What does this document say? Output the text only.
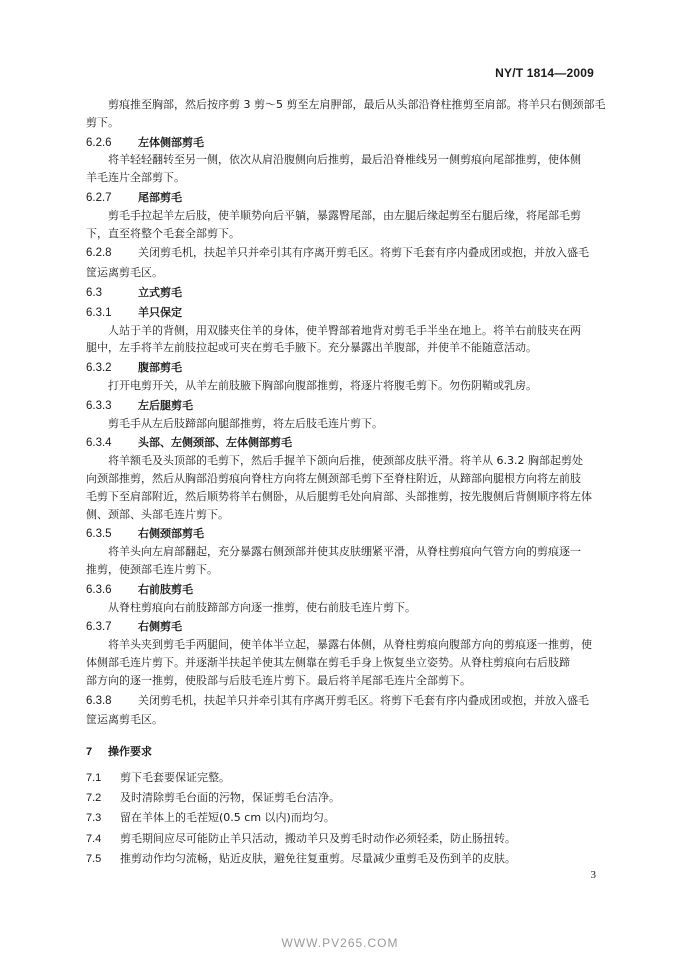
NY/T 1814—2009
剪痕推至胸部，然后按序剪 3 剪～5 剪至左肩胛部，最后从头部沿脊柱推剪至肩部。将羊只右侧颈部毛
剪下。
6.2.6 左体侧部剪毛
将羊轻轻翻转至另一侧，依次从肩沿腹侧向后推剪，最后沿脊椎线另一侧剪痕向尾部推剪，使体侧
羊毛连片全部剪下。
6.2.7 尾部剪毛
剪毛手拉起羊左后肢，使羊顺势向后平躺，暴露臀尾部，由左腿后缘起剪至右腿后缘，将尾部毛剪
下，直至将整个毛套全部剪下。
6.2.8 关闭剪毛机，扶起羊只并牵引其有序离开剪毛区。将剪下毛套有序内叠成团或抱，并放入盛毛
筐运离剪毛区。
6.3	立式剪毛
6.3.1 羊只保定
人站于羊的背侧，用双膝夹住羊的身体，使羊臀部着地背对剪毛手半坐在地上。将羊右前肢夹在两
腿中，左手将羊左前肢拉起或可夹在剪毛手腋下。充分暴露出羊腹部，并使羊不能随意活动。
6.3.2 腹部剪毛
打开电剪开关，从羊左前肢腋下胸部向腹部推剪，将逐片将腹毛剪下。勿伤阴鞘或乳房。
6.3.3 左后腿剪毛
剪毛手从左后肢蹄部向腿部推剪，将左后肢毛连片剪下。
6.3.4 头部、左侧颈部、左体侧部剪毛
将羊额毛及头顶部的毛剪下，然后手握羊下颌向后推，使颈部皮肤平滑。将羊从 6.3.2 胸部起剪处
向颈部推剪，然后从胸部沿剪痕向脊柱方向将左侧颈部毛剪下至脊柱附近，从蹄部向腿根方向将左前肢
毛剪下至肩部附近，然后顺势将羊右侧卧，从后腿剪毛处向肩部、头部推剪，按先腹侧后背侧顺序将左体
侧、颈部、头部毛连片剪下。
6.3.5 右侧颈部剪毛
将羊头向左肩部翻起，充分暴露右侧颈部并使其皮肤绷紧平滑，从脊柱剪痕向气管方向的剪痕逐一
推剪，使颈部毛连片剪下。
6.3.6 右前肢剪毛
从脊柱剪痕向右前肢蹄部方向逐一推剪，使右前肢毛连片剪下。
6.3.7 右侧剪毛
将羊头夹到剪毛手两腿间，使羊体半立起，暴露右体侧，从脊柱剪痕向腹部方向的剪痕逐一推剪，使
体侧部毛连片剪下。并逐渐半扶起羊使其左侧靠在剪毛手身上恢复坐立姿势。从脊柱剪痕向右后肢蹄
部方向的逐一推剪，使股部与后肢毛连片剪下。最后将羊尾部毛连片全部剪下。
6.3.8 关闭剪毛机，扶起羊只并牵引其有序离开剪毛区。将剪下毛套有序内叠成团或抱，并放入盛毛
筐运离剪毛区。
7 操作要求
7.1 剪下毛套要保证完整。
7.2 及时清除剪毛台面的污物，保证剪毛台洁净。
7.3 留在羊体上的毛茬短(0.5 cm 以内)而均匀。
7.4 剪毛期间应尽可能防止羊只活动，搬动羊只及剪毛时动作必须轻柔，防止肠扭转。
7.5 推剪动作均匀流畅，贴近皮肤，避免往复重剪。尽量减少重剪毛及伤到羊的皮肤。
3
WWW.PV265.COM
